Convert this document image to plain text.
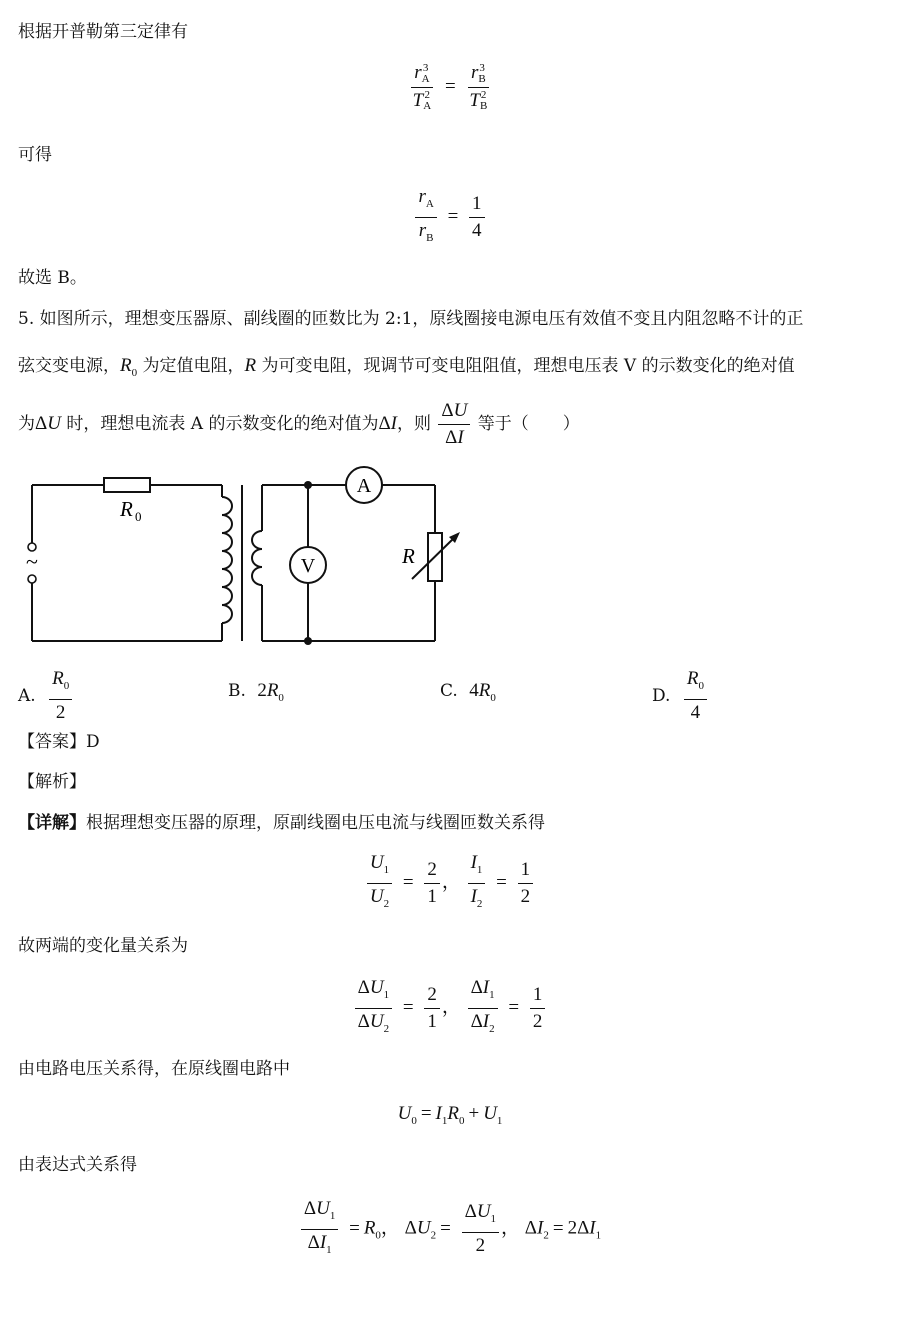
根据开普勒第三定律有
r 3
A
T 2
A = r 3
B
T 2
B
可得
$\frac{r_A}{r_B} = \frac{1}{4}$
故选 B。
5. 如图所示，理想变压器原、副线圈的匝数比为 2:1，原线圈接电源电压有效值不变且内阻忽略不计的正
弦交变电源，$R_0$ 为定值电阻，R 为可变电阻，现调节可变电阻阻值，理想电压表 V 的示数变化的绝对值
为ΔU 时，理想电流表 A 的示数变化的绝对值为ΔI，则 $\frac{\Delta U}{\Delta I}$ 等于（　　）
~
R 0
A
V	R
A. $\frac{R_0}{2}$	B. $2R_0$	C. $4R_0$	D. $\frac{R_0}{4}$
【答案】D
【解析】
【详解】根据理想变压器的原理，原副线圈电压电流与线圈匝数关系得
$\frac{U_1}{U_2} = \frac{2}{1}$ ， $\frac{I_1}{I_2} = \frac{1}{2}$
故两端的变化量关系为
$\frac{\Delta U_1}{\Delta U_2} = \frac{2}{1}$ ， $\frac{\Delta I_1}{\Delta I_2} = \frac{1}{2}$
由电路电压关系得，在原线圈电路中
$U_0 = I_1R_0 + U_1$
由表达式关系得
$\frac{\Delta U_1}{\Delta I_1} = R_0$， $\Delta U_2 = \frac{\Delta U_1}{2}$ ， $\Delta I_2 = 2\Delta I_1$
